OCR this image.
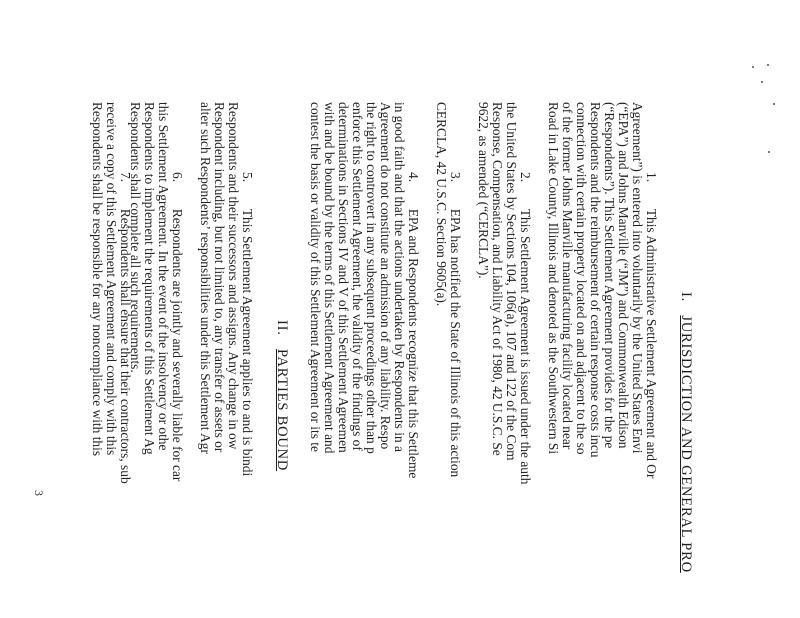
I.   JURISDICTION AND GENERAL PRO
1.  This Administrative Settlement Agreement and Or
Agreement”) is entered into voluntarily by the United States Envi
(“EPA”) and Johns Manville (“JM”) and Commonwealth Edison
(“Respondents”). This Settlement Agreement provides for the pe
Respondents and the reimbursement of certain response costs incu
connection with certain property located on and adjacent to the so
of the former Johns Manville manufacturing facility located near
Road in Lake County, Illinois and denoted as the Southwestern Si
2.  This Settlement Agreement is issued under the auth
the United States by Sections 104, 106(a), 107 and 122 of the Com
Response, Compensation, and Liability Act of 1980, 42 U.S.C. Se
9622, as amended (“CERCLA”).
3.  EPA has notified the State of Illinois of this action
CERCLA, 42 U.S.C. Section 9605(a).
4.  EPA and Respondents recognize that this Settleme
in good faith and that the actions undertaken by Respondents in a
Agreement do not constitute an admission of any liability. Respo
the right to controvert in any subsequent proceedings other than p
enforce this Settlement Agreement, the validity of the findings of
determinations in Sections IV and V of this Settlement Agreemen
with and be bound by the terms of this Settlement Agreement and
contest the basis or validity of this Settlement Agreement or its te
II.   PARTIES BOUND
5.  This Settlement Agreement applies to and is bindi
Respondents and their successors and assigns. Any change in ow
Respondent including, but not limited to, any transfer of assets or
alter such Respondents’ responsibilities under this Settlement Agr
6.  Respondents are jointly and severally liable for car
this Settlement Agreement. In the event of the insolvency or othe
Respondents to implement the requirements of this Settlement Ag
Respondents shall complete all such requirements.
7.  Respondents shall ensure that their contractors, sub
receive a copy of this Settlement Agreement and comply with this
Respondents shall be responsible for any noncompliance with this
3
